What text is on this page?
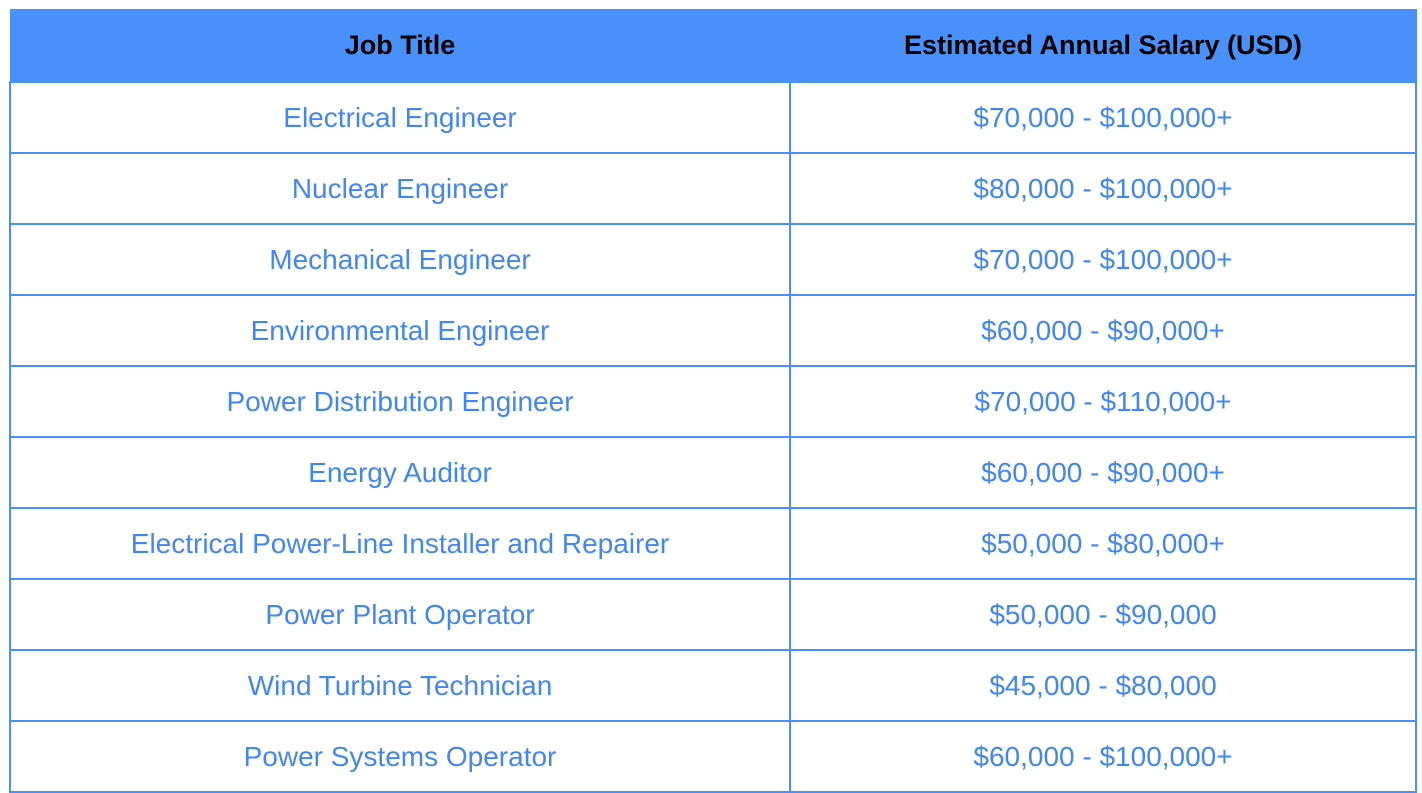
Job Title	Estimated Annual Salary (USD)
Electrical Engineer	$70,000 - $100,000+
Nuclear Engineer	$80,000 - $100,000+
Mechanical Engineer	$70,000 - $100,000+
Environmental Engineer	$60,000 - $90,000+
Power Distribution Engineer	$70,000 - $110,000+
Energy Auditor	$60,000 - $90,000+
Electrical Power-Line Installer and Repairer	$50,000 - $80,000+
Power Plant Operator	$50,000 - $90,000
Wind Turbine Technician	$45,000 - $80,000
Power Systems Operator	$60,000 - $100,000+
